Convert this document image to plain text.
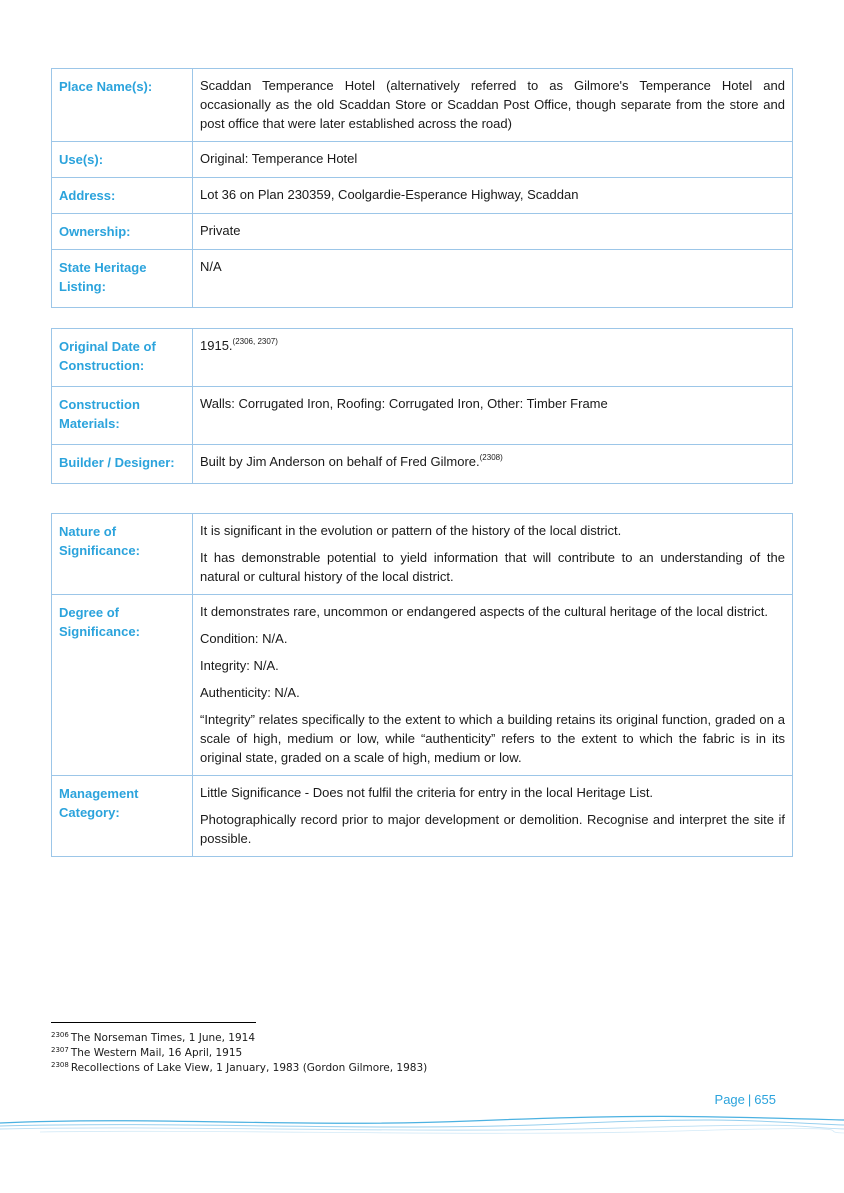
Place Name(s):	Scaddan Temperance Hotel (alternatively referred to as Gilmore's Temperance Hotel and occasionally as the old Scaddan Store or Scaddan Post Office, though separate from the store and post office that were later established across the road)
Use(s):	Original: Temperance Hotel
Address:	Lot 36 on Plan 230359, Coolgardie-Esperance Highway, Scaddan
Ownership:	Private
State Heritage Listing:	N/A
Original Date of Construction:	1915.$^{(2306, 2307)}$
Construction Materials:	Walls: Corrugated Iron, Roofing: Corrugated Iron, Other: Timber Frame
Builder / Designer:	Built by Jim Anderson on behalf of Fred Gilmore.$^{(2308)}$
Nature of Significance:	It is significant in the evolution or pattern of the history of the local district.

It has demonstrable potential to yield information that will contribute to an understanding of the natural or cultural history of the local district.

Degree of Significance:	It demonstrates rare, uncommon or endangered aspects of the cultural heritage of the local district.

Condition: N/A.

Integrity: N/A.

Authenticity: N/A.

“Integrity” relates specifically to the extent to which a building retains its original function, graded on a scale of high, medium or low, while “authenticity” refers to the extent to which the fabric is in its original state, graded on a scale of high, medium or low.

Management Category:	Little Significance - Does not fulfil the criteria for entry in the local Heritage List.

Photographically record prior to major development or demolition. Recognise and interpret the site if possible.

$^{2306}$ The Norseman Times, 1 June, 1914
$^{2307}$ The Western Mail, 16 April, 1915
$^{2308}$ Recollections of Lake View, 1 January, 1983 (Gordon Gilmore, 1983)
Page | 655
